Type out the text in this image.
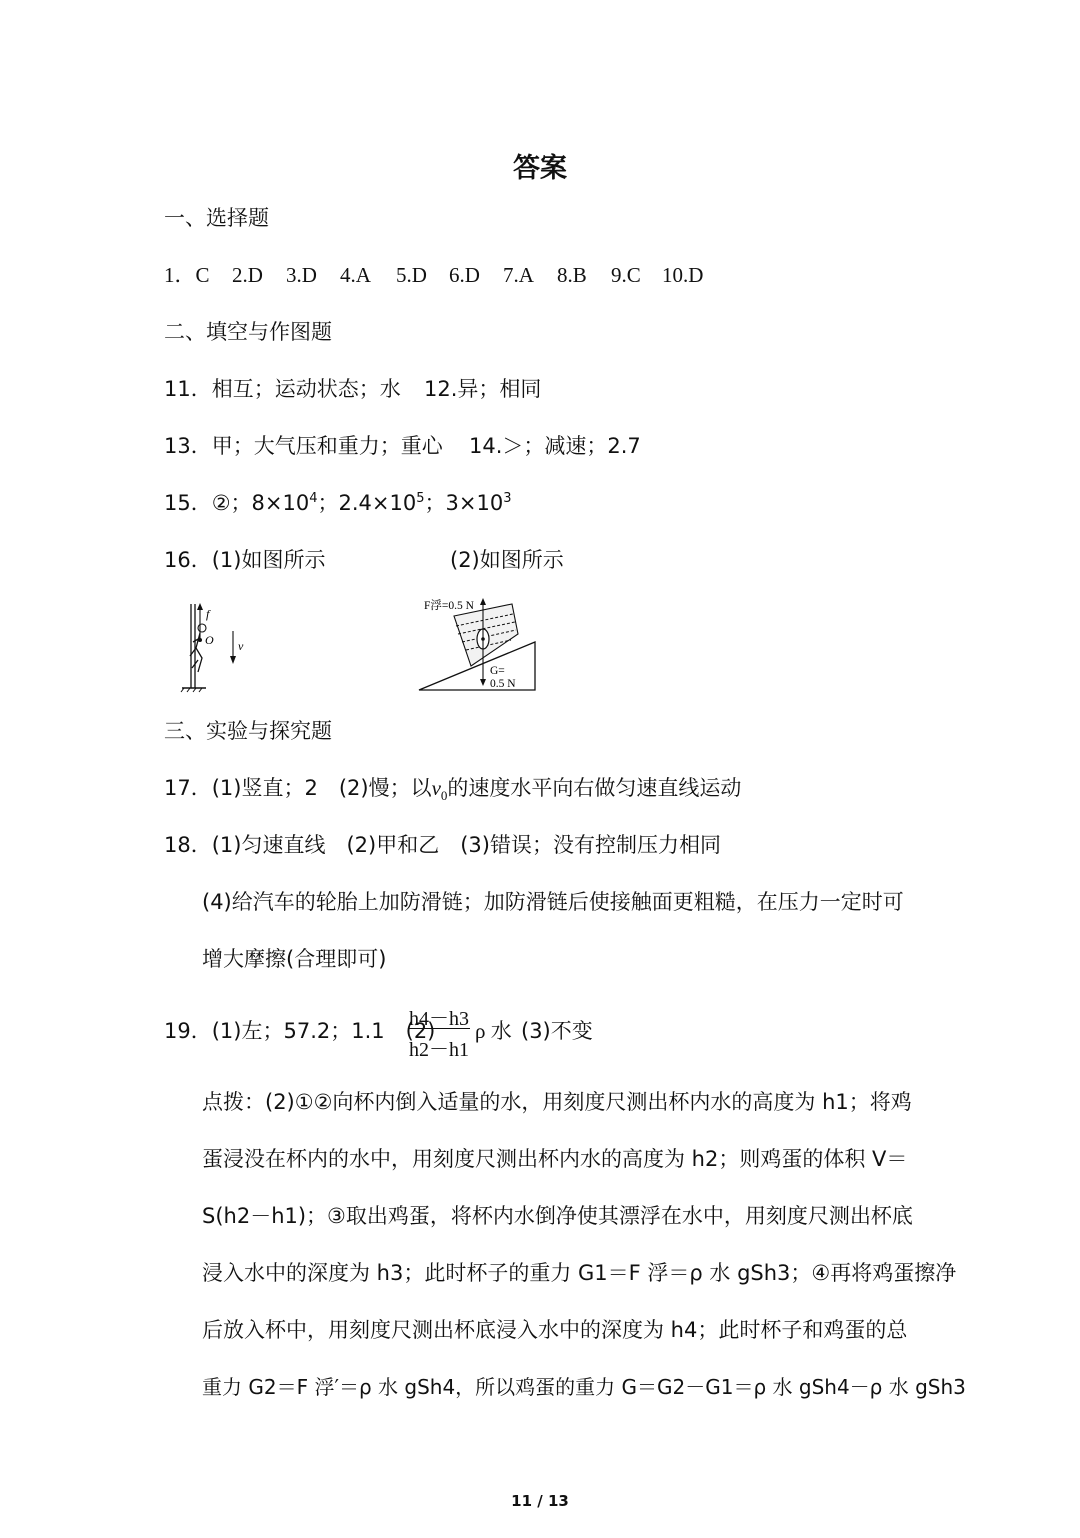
答案
一、选择题
1．C 2.D 3.D 4.A 5.D 6.D 7.A 8.B 9.C 10.D
二、填空与作图题
11．相互；运动状态；水 12.异；相同
13．甲；大气压和重力；重心 14.＞；减速；2.7
15．②；$8\times 10^4$；$2.4\times 10^5$；$3\times 10^3$
16．(1)如图所示	(2)如图所示
f
O v
F浮=0.5 N
G=
0.5 N
三、实验与探究题
17．(1)竖直；2　(2)慢；以$v_0$的速度水平向右做匀速直线运动
18．(1)匀速直线　(2)甲和乙　(3)错误；没有控制压力相同
(4)给汽车的轮胎上加防滑链；加防滑链后使接触面更粗糙，在压力一定时可
增大摩擦(合理即可)
19．(1)左；57.2；1.1　(2)
h4－h3
h2－h1
ρ 水 (3)不变
点拨：(2)①②向杯内倒入适量的水，用刻度尺测出杯内水的高度为 h1；将鸡
蛋浸没在杯内的水中，用刻度尺测出杯内水的高度为 h2；则鸡蛋的体积 V＝
S(h2－h1)；③取出鸡蛋，将杯内水倒净使其漂浮在水中，用刻度尺测出杯底
浸入水中的深度为 h3；此时杯子的重力 G1＝F 浮＝ρ 水 gSh3；④再将鸡蛋擦净
后放入杯中，用刻度尺测出杯底浸入水中的深度为 h4；此时杯子和鸡蛋的总
重力 G2＝F 浮′＝ρ 水 gSh4，所以鸡蛋的重力 G＝G2－G1＝ρ 水 gSh4－ρ 水 gSh3
11 / 13
